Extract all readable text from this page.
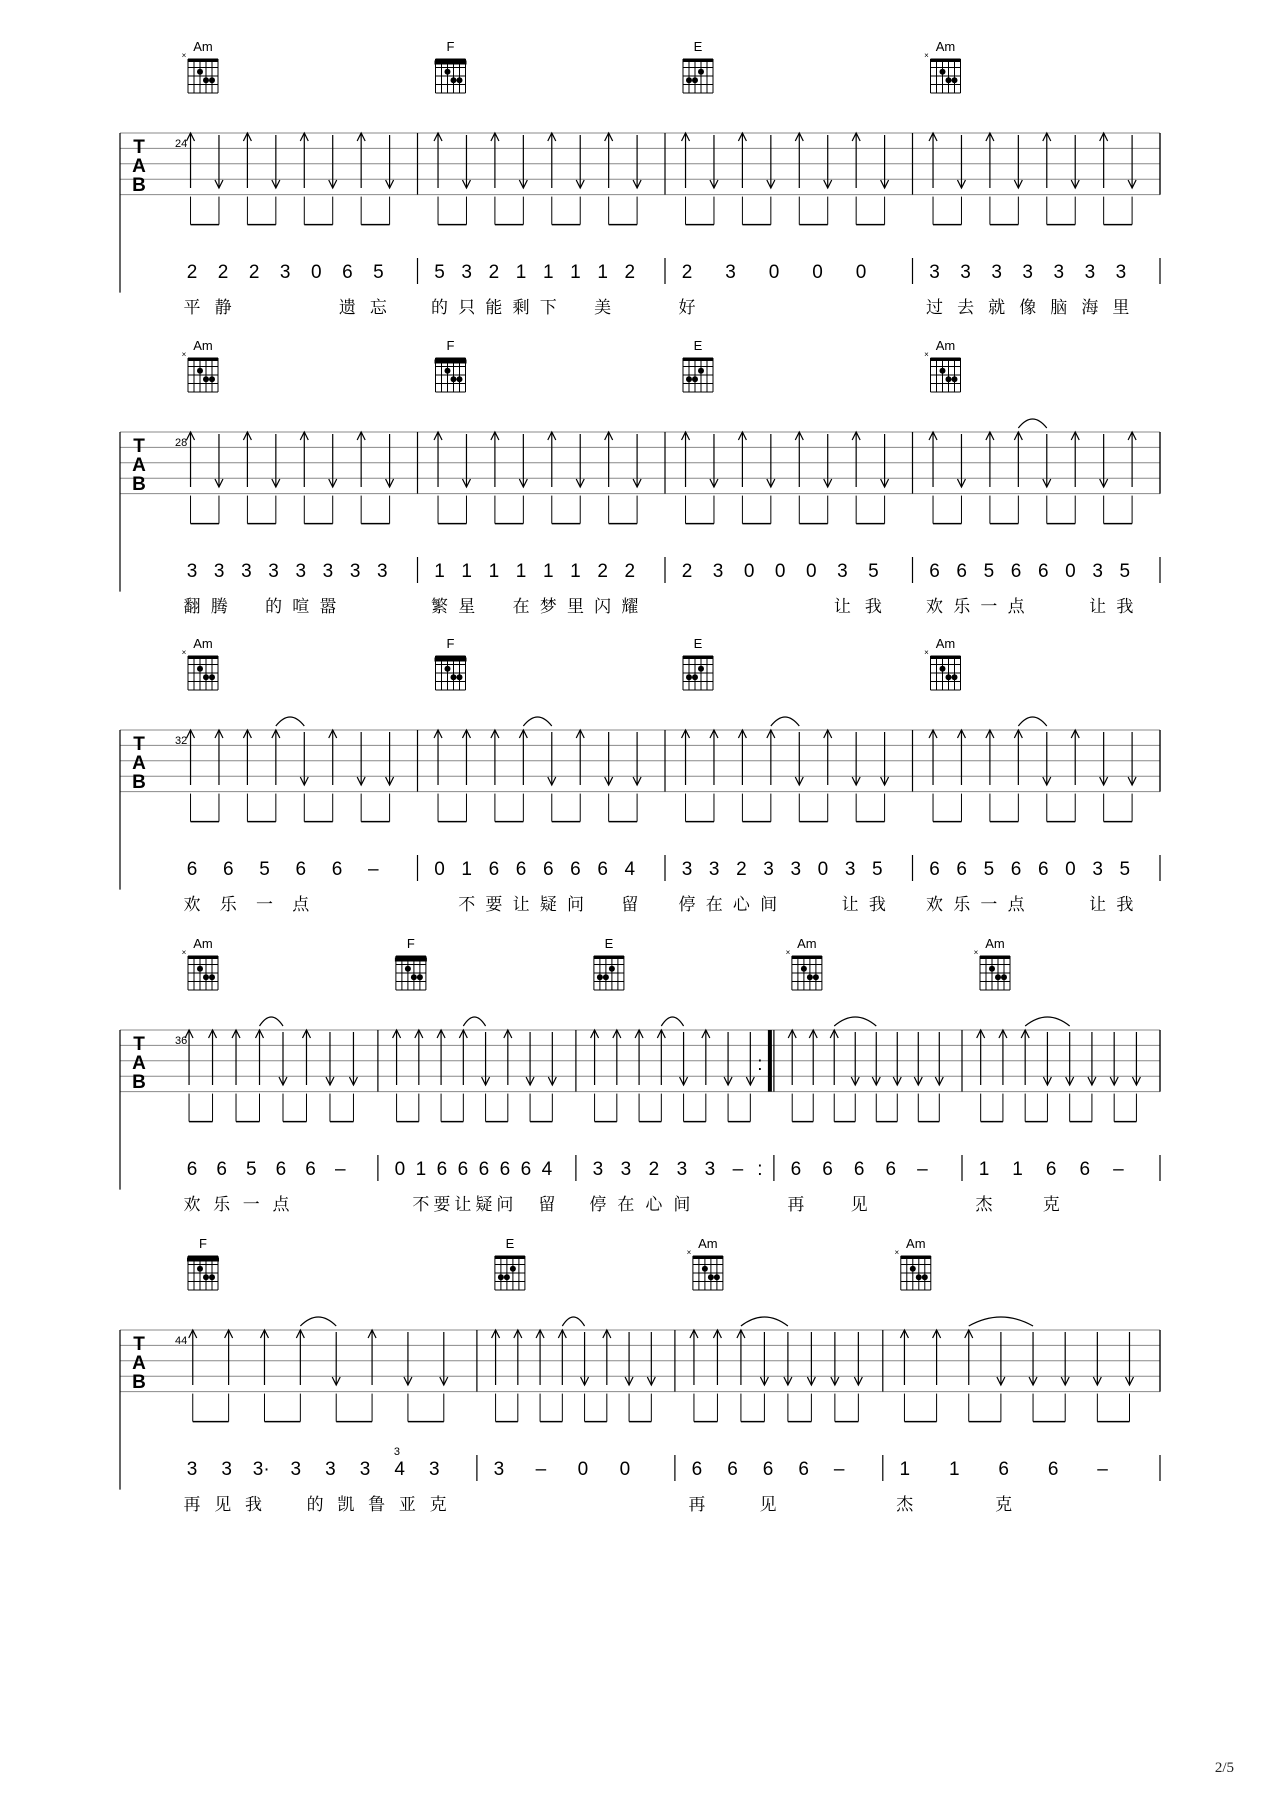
T
A
B
24
×
Am
2 2 2 3 0 6 5
平 静	遗 忘
F
5 3 2 1 1 1 1 2
的 只 能 剩 下 美
E
2 3 0 0 0
好
×
Am
3 3 3 3 3 3 3
过 去 就 像 脑 海 里
T
A
B
28
×
Am
3 3 3 3 3 3 3 3
翻 腾 的 喧 嚣
F
1 1 1 1 1 1 2 2
繁 星 在 梦 里 闪 耀
E
2 3 0 0 0 3 5
让 我
×
Am
6 6 5 6 6 0 3 5
欢 乐 一 点	让 我
T
A
B
32
×
Am
6 6 5 6 6 –
欢 乐 一 点
F
0 1 6 6 6 6 6 4
不 要 让 疑 问 留
E
3 3 2 3 3 0 3 5
停 在 心 间	让 我
×
Am
6 6 5 6 6 0 3 5
欢 乐 一 点	让 我
T
A
B
36
×
Am
6 6 5 6 6 –
欢 乐 一 点
F
0 1 6 6 6 6 6 4
不 要 让 疑 问 留
E
3 3 2 3 3 –
停 在 心 间
×
Am
6 6 6 6 –
再	见
×
Am
1 1 6 6 –
杰	克
:
:
T
A
B
44
F
3 3 3· 3 3 3 4 3
再 见 我	的 凯 鲁 亚 克
E
3 – 0 0
×
Am
6 6 6 6 –
再	见
×
Am
1 1 6 6 –
杰	克
3
2/5
